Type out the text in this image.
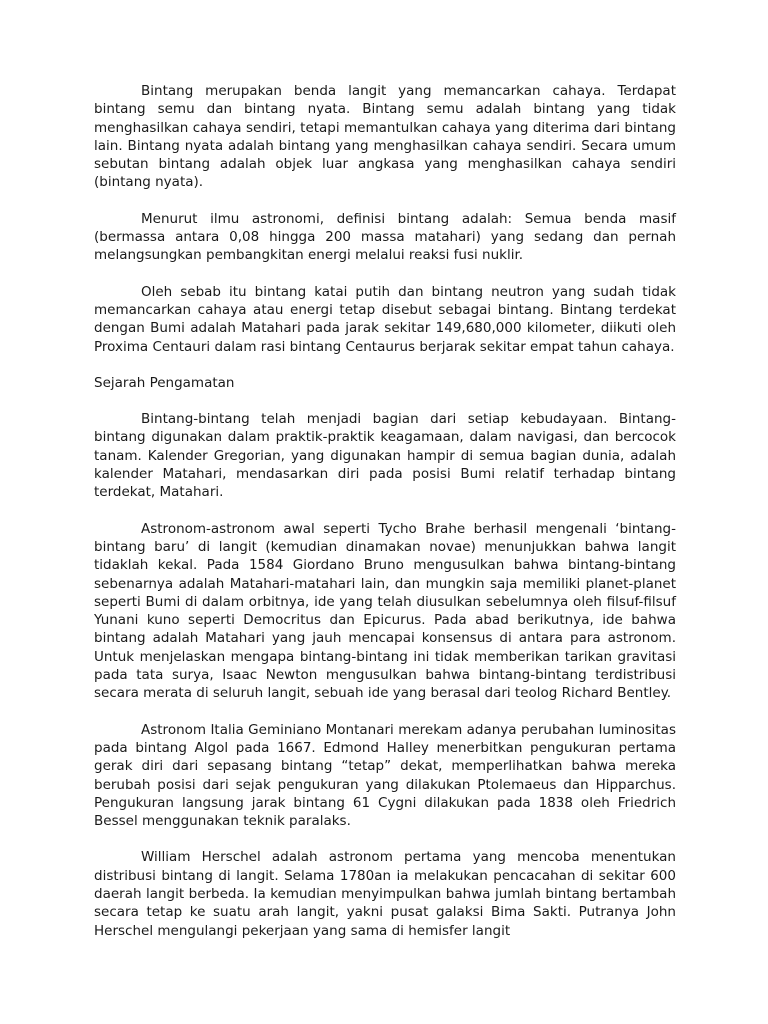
Bintang merupakan benda langit yang memancarkan cahaya. Terdapat bintang semu dan bintang nyata. Bintang semu adalah bintang yang tidak menghasilkan cahaya sendiri, tetapi memantulkan cahaya yang diterima dari bintang lain. Bintang nyata adalah bintang yang menghasilkan cahaya sendiri. Secara umum sebutan bintang adalah objek luar angkasa yang menghasilkan cahaya sendiri (bintang nyata).

Menurut ilmu astronomi, definisi bintang adalah: Semua benda masif (bermassa antara 0,08 hingga 200 massa matahari) yang sedang dan pernah melangsungkan pembangkitan energi melalui reaksi fusi nuklir.

Oleh sebab itu bintang katai putih dan bintang neutron yang sudah tidak memancarkan cahaya atau energi tetap disebut sebagai bintang. Bintang terdekat dengan Bumi adalah Matahari pada jarak sekitar 149,680,000 kilometer, diikuti oleh Proxima Centauri dalam rasi bintang Centaurus berjarak sekitar empat tahun cahaya.

Sejarah Pengamatan

Bintang-bintang telah menjadi bagian dari setiap kebudayaan. Bintang-bintang digunakan dalam praktik-praktik keagamaan, dalam navigasi, dan bercocok tanam. Kalender Gregorian, yang digunakan hampir di semua bagian dunia, adalah kalender Matahari, mendasarkan diri pada posisi Bumi relatif terhadap bintang terdekat, Matahari.

Astronom-astronom awal seperti Tycho Brahe berhasil mengenali ‘bintang-bintang baru’ di langit (kemudian dinamakan novae) menunjukkan bahwa langit tidaklah kekal. Pada 1584 Giordano Bruno mengusulkan bahwa bintang-bintang sebenarnya adalah Matahari-matahari lain, dan mungkin saja memiliki planet-planet seperti Bumi di dalam orbitnya, ide yang telah diusulkan sebelumnya oleh filsuf-filsuf Yunani kuno seperti Democritus dan Epicurus. Pada abad berikutnya, ide bahwa bintang adalah Matahari yang jauh mencapai konsensus di antara para astronom. Untuk menjelaskan mengapa bintang-bintang ini tidak memberikan tarikan gravitasi pada tata surya, Isaac Newton mengusulkan bahwa bintang-bintang terdistribusi secara merata di seluruh langit, sebuah ide yang berasal dari teolog Richard Bentley.

Astronom Italia Geminiano Montanari merekam adanya perubahan luminositas pada bintang Algol pada 1667. Edmond Halley menerbitkan pengukuran pertama gerak diri dari sepasang bintang “tetap” dekat, memperlihatkan bahwa mereka berubah posisi dari sejak pengukuran yang dilakukan Ptolemaeus dan Hipparchus. Pengukuran langsung jarak bintang 61 Cygni dilakukan pada 1838 oleh Friedrich Bessel menggunakan teknik paralaks.

William Herschel adalah astronom pertama yang mencoba menentukan distribusi bintang di langit. Selama 1780an ia melakukan pencacahan di sekitar 600 daerah langit berbeda. Ia kemudian menyimpulkan bahwa jumlah bintang bertambah secara tetap ke suatu arah langit, yakni pusat galaksi Bima Sakti. Putranya John Herschel mengulangi pekerjaan yang sama di hemisfer langit
